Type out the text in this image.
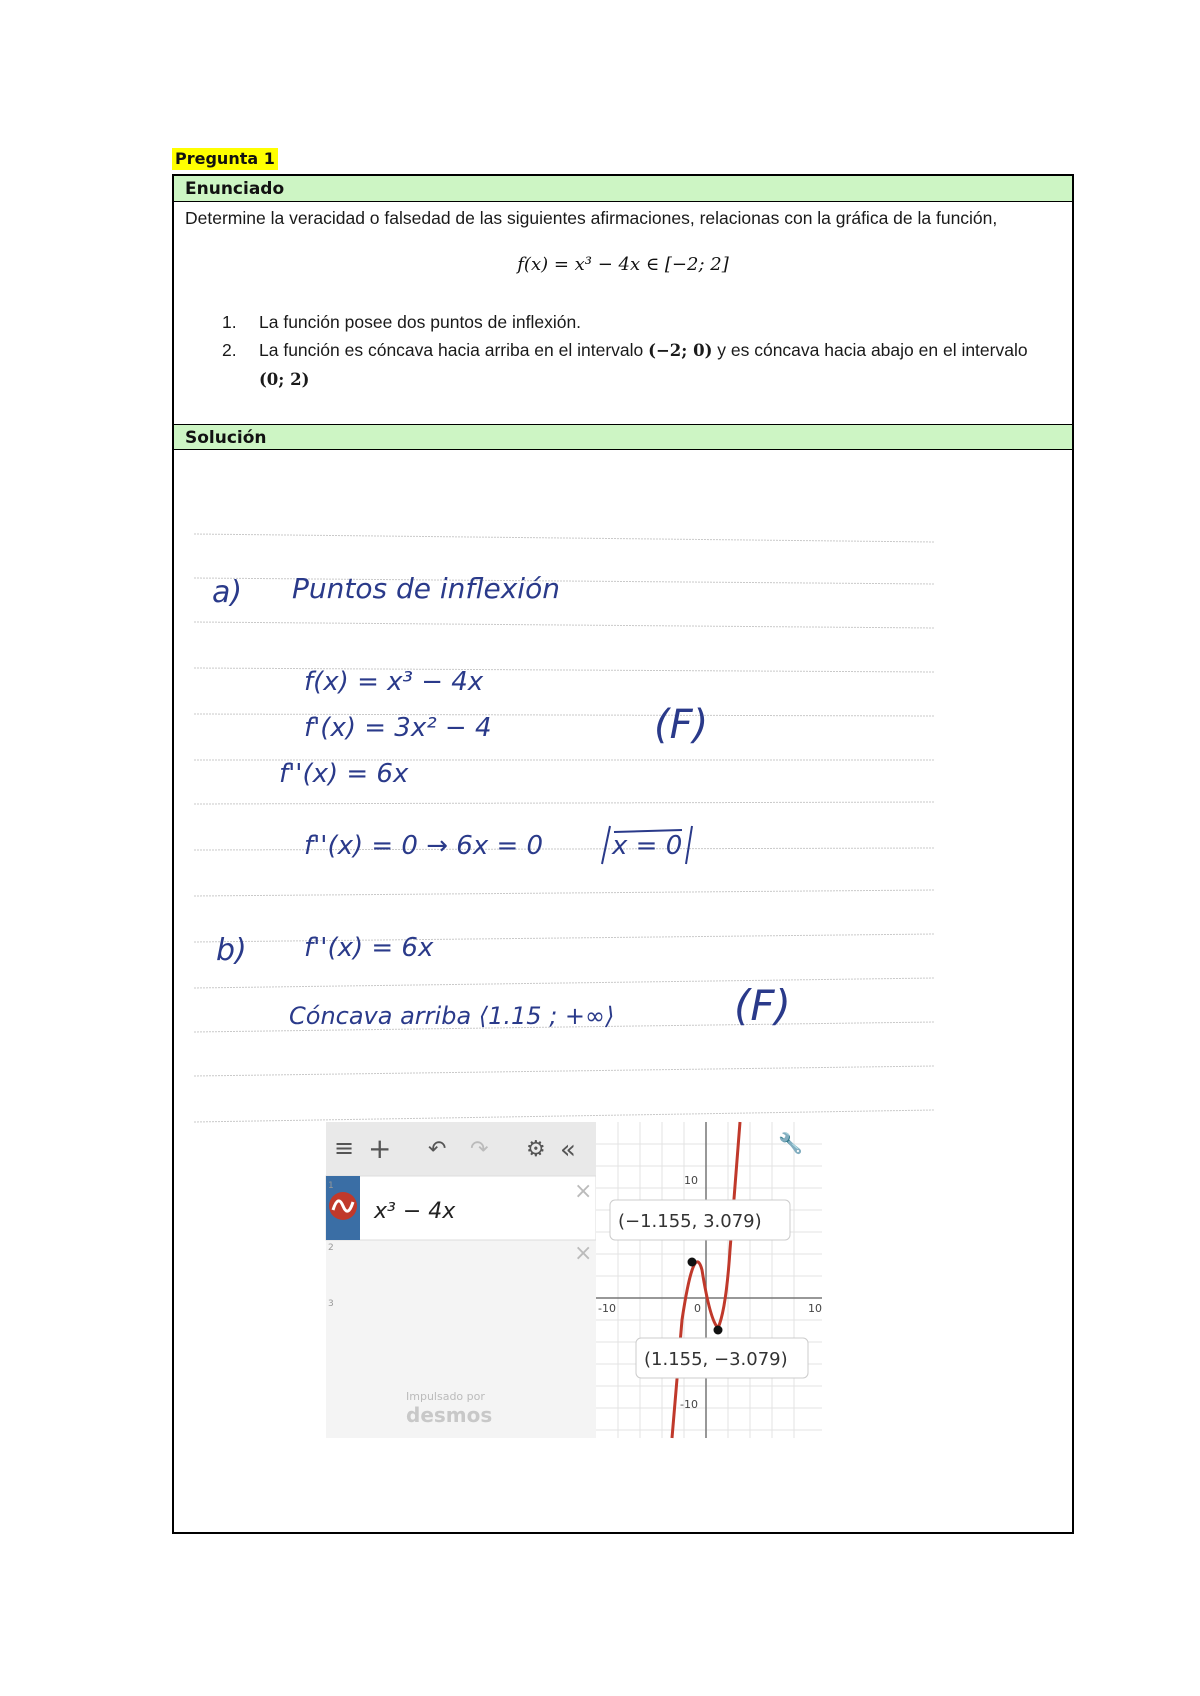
Pregunta 1
Enunciado
Determine la veracidad o falsedad de las siguientes afirmaciones, relacionas con la gráfica de la función,
f(x) = x³ − 4x ∈ [−2; 2]
1. La función posee dos puntos de inflexión.
2. La función es cóncava hacia arriba en el intervalo (−2; 0) y es cóncava hacia abajo en el intervalo (0; 2)
Solución
a) Puntos de inflexión
f(x) = x³ − 4x
f'(x) = 3x² − 4
f''(x) = 6x
f''(x) = 0 → 6x = 0	x = 0
(F)
b) f''(x) = 6x
Cóncava arriba ⟨1.15 ; +∞⟩	(F)
≡ + ↶ ↷ ⚙ «
x³ − 4x
×
×
1
2
3
Impulsado por
desmos
10
-10
-10	10
0
(−1.155, 3.079)
(1.155, −3.079)
🔧
